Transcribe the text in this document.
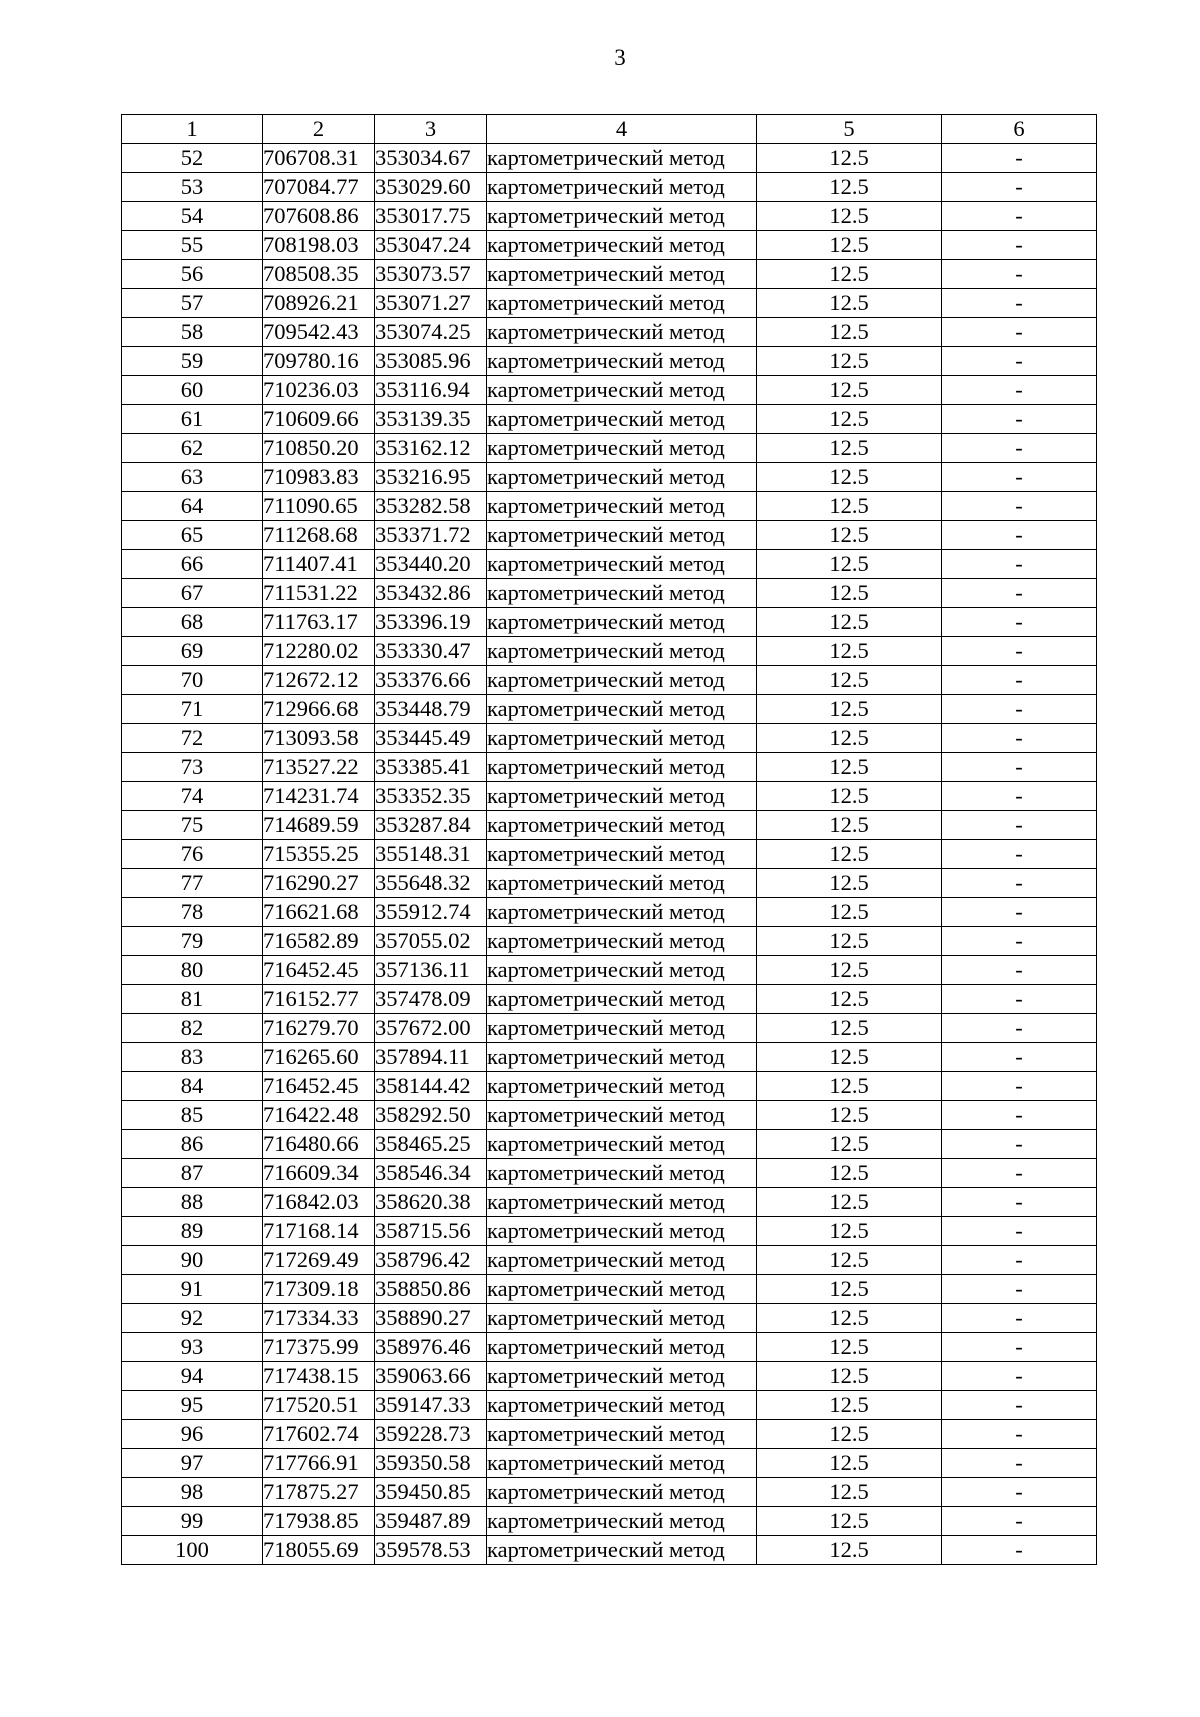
3
1	2	3	4	5	6
52	706708.31	353034.67	картометрический метод	12.5	-
53	707084.77	353029.60	картометрический метод	12.5	-
54	707608.86	353017.75	картометрический метод	12.5	-
55	708198.03	353047.24	картометрический метод	12.5	-
56	708508.35	353073.57	картометрический метод	12.5	-
57	708926.21	353071.27	картометрический метод	12.5	-
58	709542.43	353074.25	картометрический метод	12.5	-
59	709780.16	353085.96	картометрический метод	12.5	-
60	710236.03	353116.94	картометрический метод	12.5	-
61	710609.66	353139.35	картометрический метод	12.5	-
62	710850.20	353162.12	картометрический метод	12.5	-
63	710983.83	353216.95	картометрический метод	12.5	-
64	711090.65	353282.58	картометрический метод	12.5	-
65	711268.68	353371.72	картометрический метод	12.5	-
66	711407.41	353440.20	картометрический метод	12.5	-
67	711531.22	353432.86	картометрический метод	12.5	-
68	711763.17	353396.19	картометрический метод	12.5	-
69	712280.02	353330.47	картометрический метод	12.5	-
70	712672.12	353376.66	картометрический метод	12.5	-
71	712966.68	353448.79	картометрический метод	12.5	-
72	713093.58	353445.49	картометрический метод	12.5	-
73	713527.22	353385.41	картометрический метод	12.5	-
74	714231.74	353352.35	картометрический метод	12.5	-
75	714689.59	353287.84	картометрический метод	12.5	-
76	715355.25	355148.31	картометрический метод	12.5	-
77	716290.27	355648.32	картометрический метод	12.5	-
78	716621.68	355912.74	картометрический метод	12.5	-
79	716582.89	357055.02	картометрический метод	12.5	-
80	716452.45	357136.11	картометрический метод	12.5	-
81	716152.77	357478.09	картометрический метод	12.5	-
82	716279.70	357672.00	картометрический метод	12.5	-
83	716265.60	357894.11	картометрический метод	12.5	-
84	716452.45	358144.42	картометрический метод	12.5	-
85	716422.48	358292.50	картометрический метод	12.5	-
86	716480.66	358465.25	картометрический метод	12.5	-
87	716609.34	358546.34	картометрический метод	12.5	-
88	716842.03	358620.38	картометрический метод	12.5	-
89	717168.14	358715.56	картометрический метод	12.5	-
90	717269.49	358796.42	картометрический метод	12.5	-
91	717309.18	358850.86	картометрический метод	12.5	-
92	717334.33	358890.27	картометрический метод	12.5	-
93	717375.99	358976.46	картометрический метод	12.5	-
94	717438.15	359063.66	картометрический метод	12.5	-
95	717520.51	359147.33	картометрический метод	12.5	-
96	717602.74	359228.73	картометрический метод	12.5	-
97	717766.91	359350.58	картометрический метод	12.5	-
98	717875.27	359450.85	картометрический метод	12.5	-
99	717938.85	359487.89	картометрический метод	12.5	-
100	718055.69	359578.53	картометрический метод	12.5	-
